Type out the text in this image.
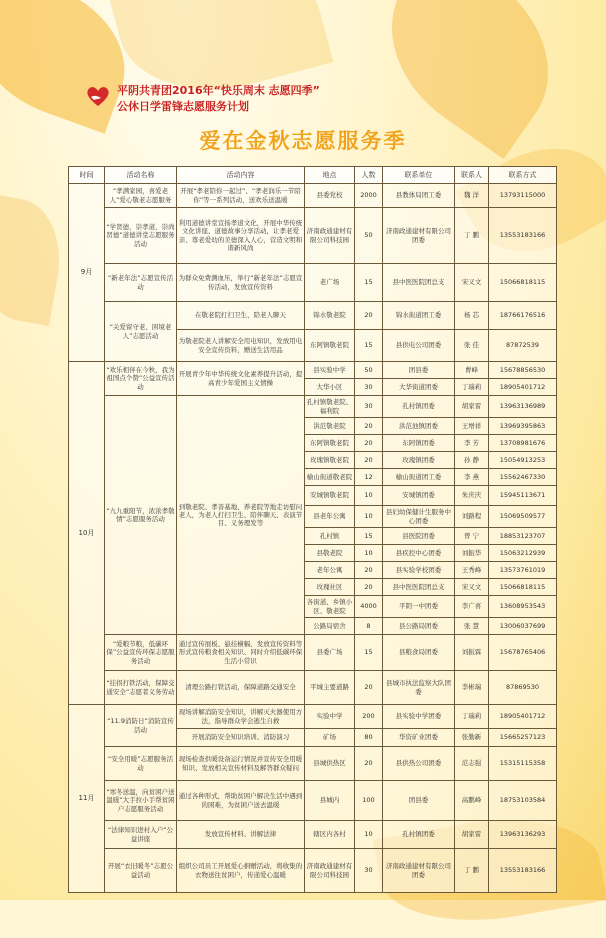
平阴共青团2016年“快乐周末 志愿四季”
公休日学雷锋志愿服务计划
爱在金秋志愿服务季
时间	活动名称	活动内容	地点	人数	联系单位	联系人	联系方式
9月	“孝满家园，喜爱老人”爱心敬老志愿服务	开展“孝老陪你一起过”、“孝老润乐一节陪你”等一系列活动，送欢乐送温暖	县委党校	2000	县教体局团工委	魏 洋	13793115000
	“学贤德，崇孝道，崇尚贤德”道德讲堂志愿服务活动	利用道德讲堂宣扬孝道文化，开展中华传统文化讲座、道德故事分享活动，让孝老爱亲、尊老爱幼的美德深入人心，营造文明和谐新风尚	济南政通建材有限公司科技园	50	济南政通建材有限公司团委	丁 鹏	13553183166
	“新老年法”志愿宣传活动	为群众免费测血压，举行“新老年法”志愿宣传活动，发放宣传资料	老广场	15	县中医医院团总支	宋又文	15066818115
	“关爱留守老、困境老人”志愿活动	在敬老院打扫卫生、陪老人聊天	锦水敬老院	20	锦水街道团工委	杨 芯	18766176516
		为敬老院老人讲解安全用电知识，发放用电安全宣传资料，赠送生活用品	东阿镇敬老院	15	县供电公司团委	张 佳	87872539
10月	“欢乐相伴在今秋，我为祖国点个赞”公益宣传活动	开展青少年中华传统文化素养提升活动，提高青少年爱国主义情操	县实验中学	50	团县委	曹峰	15678856530
			大华小区	30	大华街道团委	丁瑞莉	18905401712
	“九九重阳节，浓浓孝敬情”志愿服务活动	到敬老院、孝善基地、养老院等地走访慰问老人，为老人打扫卫生、陪伴聊天、表演节目、义务理发等	孔村镇敬老院、福利院	30	孔村镇团委	胡家雷	13963136989
			洪范敬老院	20	洪范池镇团委	王增祥	13969395863
			东阿镇敬老院	20	东阿镇团委	李 芳	13708981676
			玫瑰镇敬老院	20	玫瑰镇团委	孙 静	15054913253
			榆山街道敬老院	12	榆山街道团工委	李 燕	15562467330
			安城镇敬老院	10	安城镇团委	朱庆庆	15945113671
			县老年公寓	10	县妇幼保健计生服务中心团委	刘路程	15069509577
			孔村镇	15	县医院团委	曾 宁	18853123707
			县敬老院	10	县疾控中心团委	刘振华	15063212939
			老年公寓	20	县实验学校团委	王秀峰	13573761019
			玫瑰社区	20	县中医医院团总支	宋又文	15066818115
			各街道、乡镇小区、敬老院	4000	平阴一中团委	李广喜	13608953543
			公路局宿舍	8	县公路局团委	张 慧	13006037699
	“爱粮节粮，低碳环保”公益宣传环保志愿服务活动	通过宣传展板、悬挂横幅、发放宣传资料等形式宣传粮食相关知识、同时介绍低碳环保生活小常识	县委广场	15	县粮食局团委	刘振霖	15678765406
	“挂拐打铁活动，保障交通安全”志愿者义务劳动	清理公路打铁活动，保障道路交通安全	平城主要道路	20	县城市执法监察大队团委	李彬瑞	87869530
11月	“11.9消防日”消防宣传活动	现场讲解消防安全知识，讲解灭火器使用方法，指导群众学会逃生自救	实验中学	200	县实验中学团委	丁瑞莉	18905401712
		开展消防安全知识培训、消防演习	矿场	80	华资矿业团委	张勤新	15665257123
	“安全用暖”志愿服务活动	现场检查供暖设备运行情况并宣传安全用暖知识、发放相关宣传材料及解答群众疑问	县城供热区	20	县供热公司团委	范志强	15315115358
	“寒冬送温，向贫困户送温暖”大手拉小手帮贫困户志愿服务活动	通过各种形式，帮助贫困户解决生活中遇到的困难，为贫困户送去温暖	县城内	100	团县委	高鹏峰	18753103584
	“法律知识进村入户”公益讲座	发放宣传材料、讲解法律	辖区内各村	10	孔村镇团委	胡家雷	13963136293
	开展“衣旧暖冬”志愿公益活动	组织公司员工开展爱心捐赠活动，将收集的衣物送往贫困户，传递爱心温暖	济南政通建材有限公司科技园	30	济南政通建材有限公司团委	丁 鹏	13553183166
